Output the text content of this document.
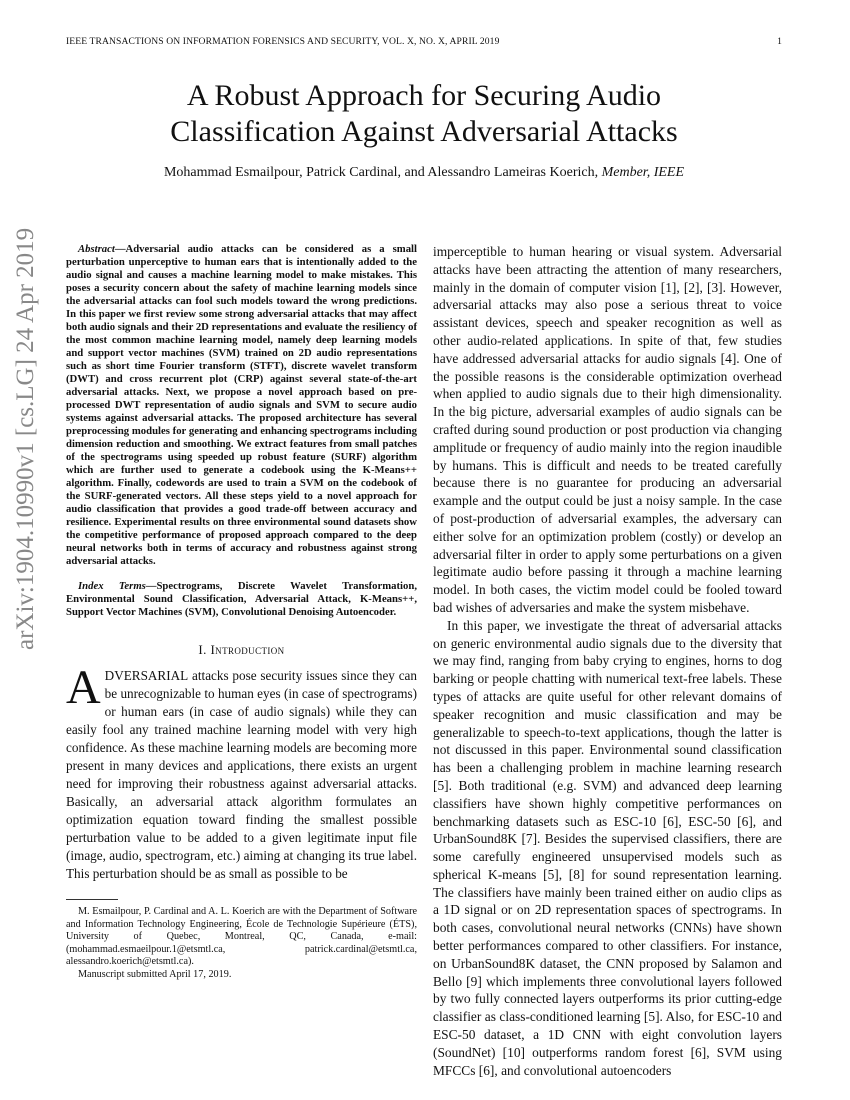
IEEE TRANSACTIONS ON INFORMATION FORENSICS AND SECURITY, VOL. X, NO. X, APRIL 2019	1
A Robust Approach for Securing Audio
Classification Against Adversarial Attacks
Mohammad Esmailpour, Patrick Cardinal, and Alessandro Lameiras Koerich, Member, IEEE
arXiv:1904.10990v1 [cs.LG] 24 Apr 2019	Abstract—Adversarial audio attacks can be considered as a small perturbation unperceptive to human ears that is intentionally added to the audio signal and causes a machine learning model to make mistakes. This poses a security concern about the safety of machine learning models since the adversarial attacks can fool such models toward the wrong predictions. In this paper we first review some strong adversarial attacks that may affect both audio signals and their 2D representations and evaluate the resiliency of the most common machine learning model, namely deep learning models and support vector machines (SVM) trained on 2D audio representations such as short time Fourier transform (STFT), discrete wavelet transform (DWT) and cross recurrent plot (CRP) against several state-of-the-art adversarial attacks. Next, we propose a novel approach based on pre-processed DWT representation of audio signals and SVM to secure audio systems against adversarial attacks. The proposed architecture has several preprocessing modules for generating and enhancing spectrograms including dimension reduction and smoothing. We extract features from small patches of the spectrograms using speeded up robust feature (SURF) algorithm which are further used to generate a codebook using the K-Means++ algorithm. Finally, codewords are used to train a SVM on the codebook of the SURF-generated vectors. All these steps yield to a novel approach for audio classification that provides a good trade-off between accuracy and resilience. Experimental results on three environmental sound datasets show the competitive performance of proposed approach compared to the deep neural networks both in terms of accuracy and robustness against strong adversarial attacks.

Index Terms—Spectrograms, Discrete Wavelet Transformation, Environmental Sound Classification, Adversarial Attack, K-Means++, Support Vector Machines (SVM), Convolutional Denoising Autoencoder.

I. Introduction

ADVERSARIAL attacks pose security issues since they can be unrecognizable to human eyes (in case of spectrograms) or human ears (in case of audio signals) while they can easily fool any trained machine learning model with very high confidence. As these machine learning models are becoming more present in many devices and applications, there exists an urgent need for improving their robustness against adversarial attacks. Basically, an adversarial attack algorithm formulates an optimization equation toward finding the smallest possible perturbation value to be added to a given legitimate input file (image, audio, spectrogram, etc.) aiming at changing its true label. This perturbation should be as small as possible to be

M. Esmailpour, P. Cardinal and A. L. Koerich are with the Department of Software and Information Technology Engineering, École de Technologie Supérieure (ÉTS), University of Quebec, Montreal, QC, Canada, e-mail: (mohammad.esmaeilpour.1@etsmtl.ca, patrick.cardinal@etsmtl.ca, alessandro.koerich@etsmtl.ca).

Manuscript submitted April 17, 2019.

imperceptible to human hearing or visual system. Adversarial attacks have been attracting the attention of many researchers, mainly in the domain of computer vision [1], [2], [3]. However, adversarial attacks may also pose a serious threat to voice assistant devices, speech and speaker recognition as well as other audio-related applications. In spite of that, few studies have addressed adversarial attacks for audio signals [4]. One of the possible reasons is the considerable optimization overhead when applied to audio signals due to their high dimensionality. In the big picture, adversarial examples of audio signals can be crafted during sound production or post production via changing amplitude or frequency of audio mainly into the region inaudible by humans. This is difficult and needs to be treated carefully because there is no guarantee for producing an adversarial example and the output could be just a noisy sample. In the case of post-production of adversarial examples, the adversary can either solve for an optimization problem (costly) or develop an adversarial filter in order to apply some perturbations on a given legitimate audio before passing it through a machine learning model. In both cases, the victim model could be fooled toward bad wishes of adversaries and make the system misbehave.

In this paper, we investigate the threat of adversarial attacks on generic environmental audio signals due to the diversity that we may find, ranging from baby crying to engines, horns to dog barking or people chatting with numerical text-free labels. These types of attacks are quite useful for other relevant domains of speaker recognition and music classification and may be generalizable to speech-to-text applications, though the latter is not discussed in this paper. Environmental sound classification has been a challenging problem in machine learning research [5]. Both traditional (e.g. SVM) and advanced deep learning classifiers have shown highly competitive performances on benchmarking datasets such as ESC-10 [6], ESC-50 [6], and UrbanSound8K [7]. Besides the supervised classifiers, there are some carefully engineered unsupervised models such as spherical K-means [5], [8] for sound representation learning. The classifiers have mainly been trained either on audio clips as a 1D signal or on 2D representation spaces of spectrograms. In both cases, convolutional neural networks (CNNs) have shown better performances compared to other classifiers. For instance, on UrbanSound8K dataset, the CNN proposed by Salamon and Bello [9] which implements three convolutional layers followed by two fully connected layers outperforms its prior cutting-edge classifier as class-conditioned learning [5]. Also, for ESC-10 and ESC-50 dataset, a 1D CNN with eight convolution layers (SoundNet) [10] outperforms random forest [6], SVM using MFCCs [6], and convolutional autoencoders
